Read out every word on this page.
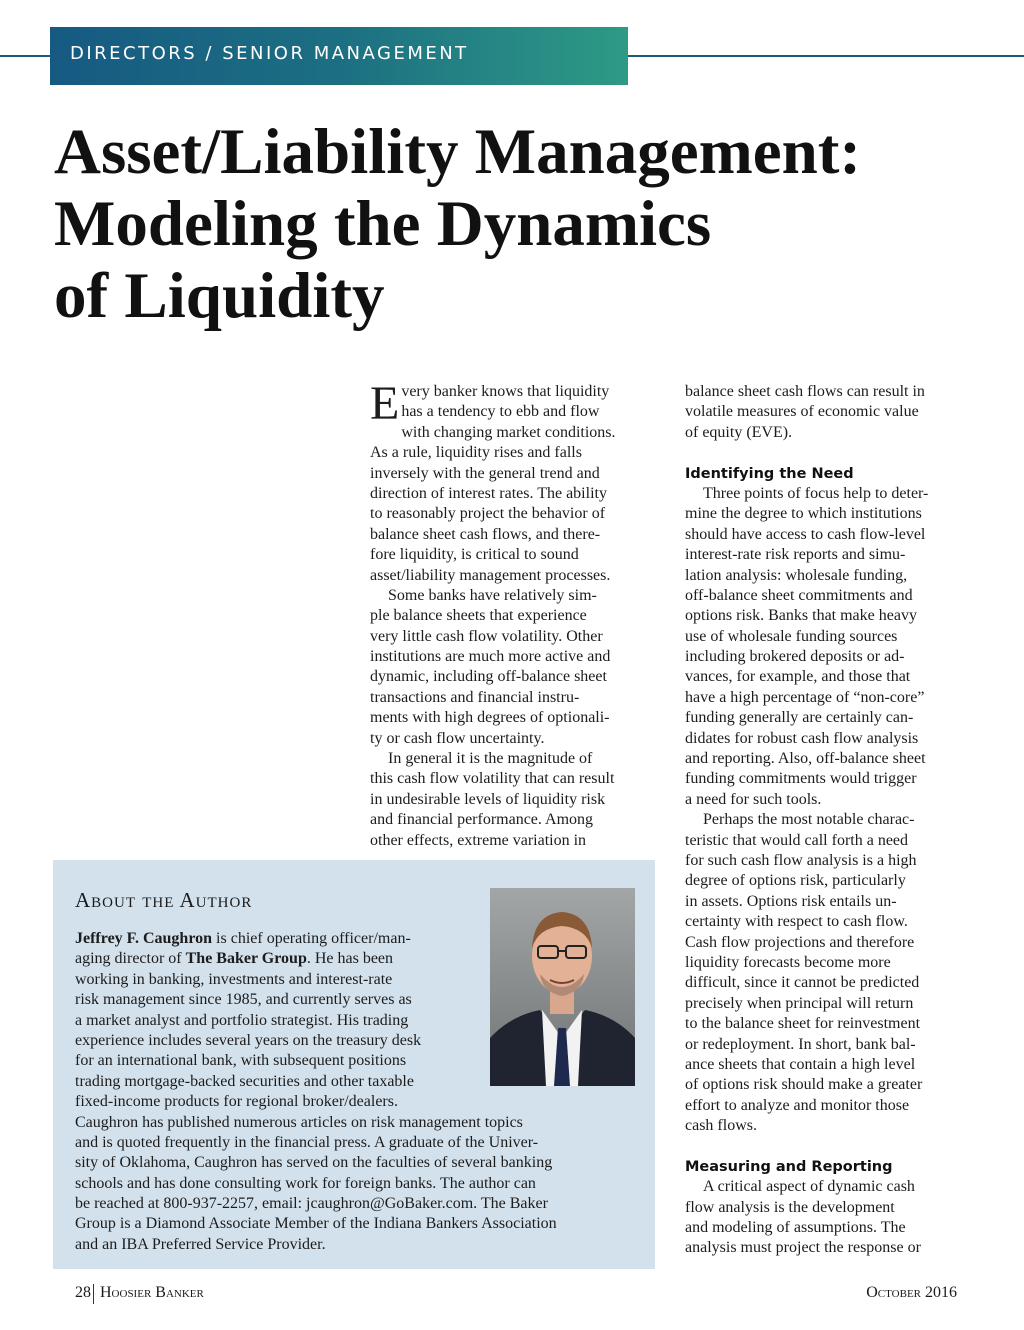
DIRECTORS / SENIOR MANAGEMENT
Asset/Liability Management:
Modeling the Dynamics
of Liquidity
E very banker knows that liquidity
has a tendency to ebb and flow
with changing market conditions.
As a rule, liquidity rises and falls
inversely with the general trend and
direction of interest rates. The ability
to reasonably project the behavior of
balance sheet cash flows, and there-
fore liquidity, is critical to sound
asset/liability management processes.
Some banks have relatively sim-
ple balance sheets that experience
very little cash flow volatility. Other
institutions are much more active and
dynamic, including off-balance sheet
transactions and financial instru-
ments with high degrees of optionali-
ty or cash flow uncertainty.
In general it is the magnitude of
this cash flow volatility that can result
in undesirable levels of liquidity risk
and financial performance. Among
other effects, extreme variation in
balance sheet cash flows can result in
volatile measures of economic value
of equity (EVE).
Identifying the Need
Three points of focus help to deter-
mine the degree to which institutions
should have access to cash flow-level
interest-rate risk reports and simu-
lation analysis: wholesale funding,
off-balance sheet commitments and
options risk. Banks that make heavy
use of wholesale funding sources
including brokered deposits or ad-
vances, for example, and those that
have a high percentage of “non-core”
funding generally are certainly can-
didates for robust cash flow analysis
and reporting. Also, off-balance sheet
funding commitments would trigger
a need for such tools.
Perhaps the most notable charac-
teristic that would call forth a need
for such cash flow analysis is a high
degree of options risk, particularly
in assets. Options risk entails un-
certainty with respect to cash flow.
Cash flow projections and therefore
liquidity forecasts become more
difficult, since it cannot be predicted
precisely when principal will return
to the balance sheet for reinvestment
or redeployment. In short, bank bal-
ance sheets that contain a high level
of options risk should make a greater
effort to analyze and monitor those
cash flows.
Measuring and Reporting
A critical aspect of dynamic cash
flow analysis is the development
and modeling of assumptions. The
analysis must project the response or
About the Author
Jeffrey F. Caughron is chief operating officer/man-
aging director of The Baker Group. He has been
working in banking, investments and interest-rate
risk management since 1985, and currently serves as
a market analyst and portfolio strategist. His trading
experience includes several years on the treasury desk
for an international bank, with subsequent positions
trading mortgage-backed securities and other taxable
fixed-income products for regional broker/dealers.
Caughron has published numerous articles on risk management topics
and is quoted frequently in the financial press. A graduate of the Univer-
sity of Oklahoma, Caughron has served on the faculties of several banking
schools and has done consulting work for foreign banks. The author can
be reached at 800-937-2257, email: jcaughron@GoBaker.com. The Baker
Group is a Diamond Associate Member of the Indiana Bankers Association
and an IBA Preferred Service Provider.
28 Hoosier Banker	October 2016
